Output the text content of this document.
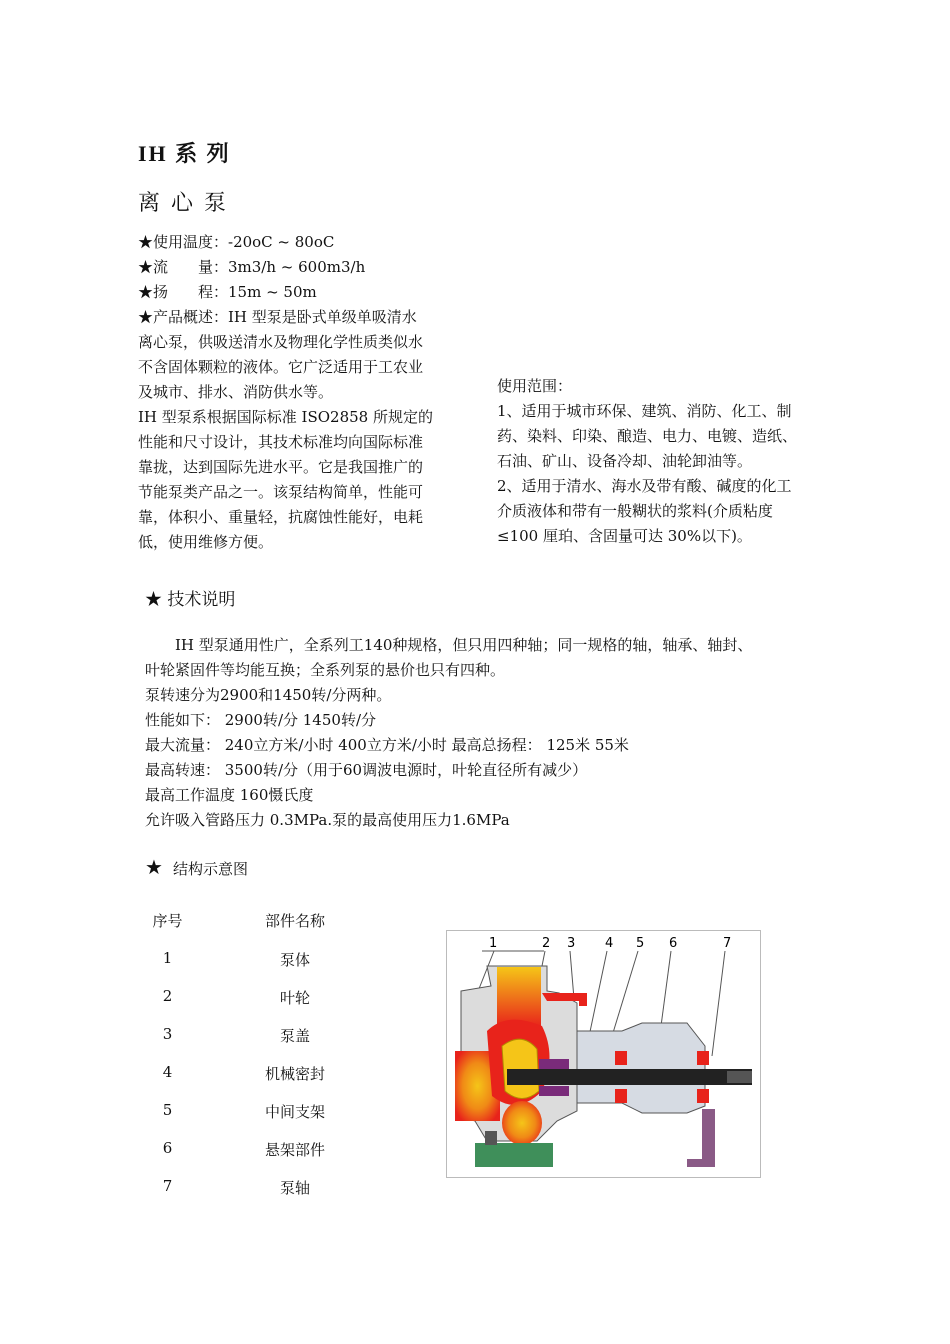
IH 系 列
离 心 泵
★使用温度：-20oC ~ 80oC
★流　　量：3m3/h ~ 600m3/h
★扬　　程：15m ~ 50m
★产品概述：IH 型泵是卧式单级单吸清水
离心泵，供吸送清水及物理化学性质类似水
不含固体颗粒的液体。它广泛适用于工农业
及城市、排水、消防供水等。
IH 型泵系根据国际标准 ISO2858 所规定的
性能和尺寸设计，其技术标准均向国际标准
靠拢，达到国际先进水平。它是我国推广的
节能泵类产品之一。该泵结构简单，性能可
靠，体积小、重量轻，抗腐蚀性能好，电耗
低，使用维修方便。
使用范围：
1、适用于城市环保、建筑、消防、化工、制
药、染料、印染、酿造、电力、电镀、造纸、
石油、矿山、设备冷却、油轮卸油等。
2、适用于清水、海水及带有酸、碱度的化工
介质液体和带有一般糊状的浆料(介质粘度
≤100 厘珀、含固量可达 30%以下)。
★ 技术说明
IH 型泵通用性广，全系列工140种规格，但只用四种轴；同一规格的轴，轴承、轴封、
叶轮紧固件等均能互换；全系列泵的悬价也只有四种。
泵转速分为2900和1450转/分两种。
性能如下： 2900转/分 1450转/分
最大流量： 240立方米/小时 400立方米/小时 最高总扬程： 125米 55米
最高转速： 3500转/分（用于60调波电源时，叶轮直径所有减少）
最高工作温度 160慑氏度
允许吸入管路压力 0.3MPa.泵的最高使用压力1.6MPa
★ 结构示意图
序号	部件名称
1	泵体
2	叶轮
3	泵盖
4	机械密封
5	中间支架
6	悬架部件
7	泵轴
1	2 3 4 5 6	7
